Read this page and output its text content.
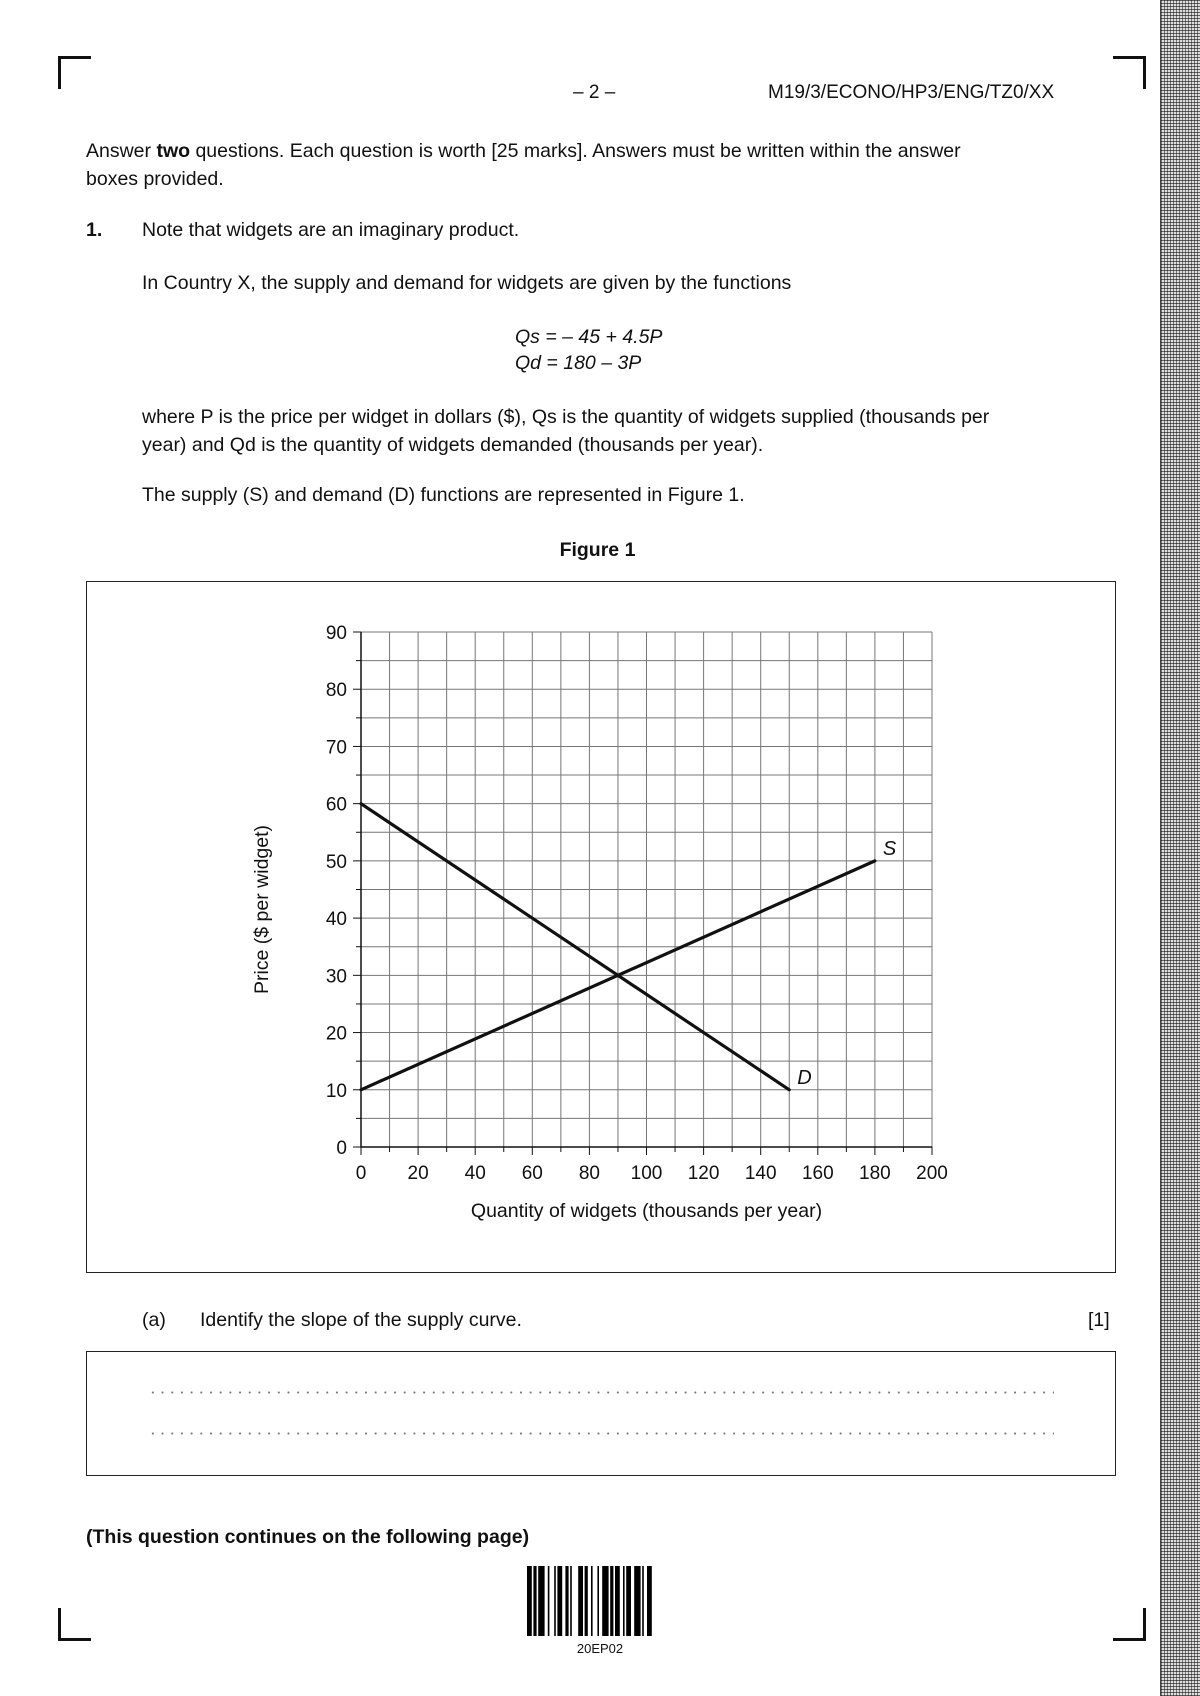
– 2 –	M19/3/ECONO/HP3/ENG/TZ0/XX
Answer two questions. Each question is worth [25 marks]. Answers must be written within the answer
boxes provided.
1. Note that widgets are an imaginary product.
In Country X, the supply and demand for widgets are given by the functions
Qs = – 45 + 4.5P
Qd = 180 – 3P
where P is the price per widget in dollars ($), Qs is the quantity of widgets supplied (thousands per
year) and Qd is the quantity of widgets demanded (thousands per year).
The supply (S) and demand (D) functions are represented in Figure 1.
Figure 1
0 20 40 60 80 100 120 140 160 180 200
0
10
20
30
40
50
60
70
80
90
Quantity of widgets (thousands per year)
Price ($ per widget)	S
D
(a) Identify the slope of the supply curve.	[1]
(This question continues on the following page)
20EP02
